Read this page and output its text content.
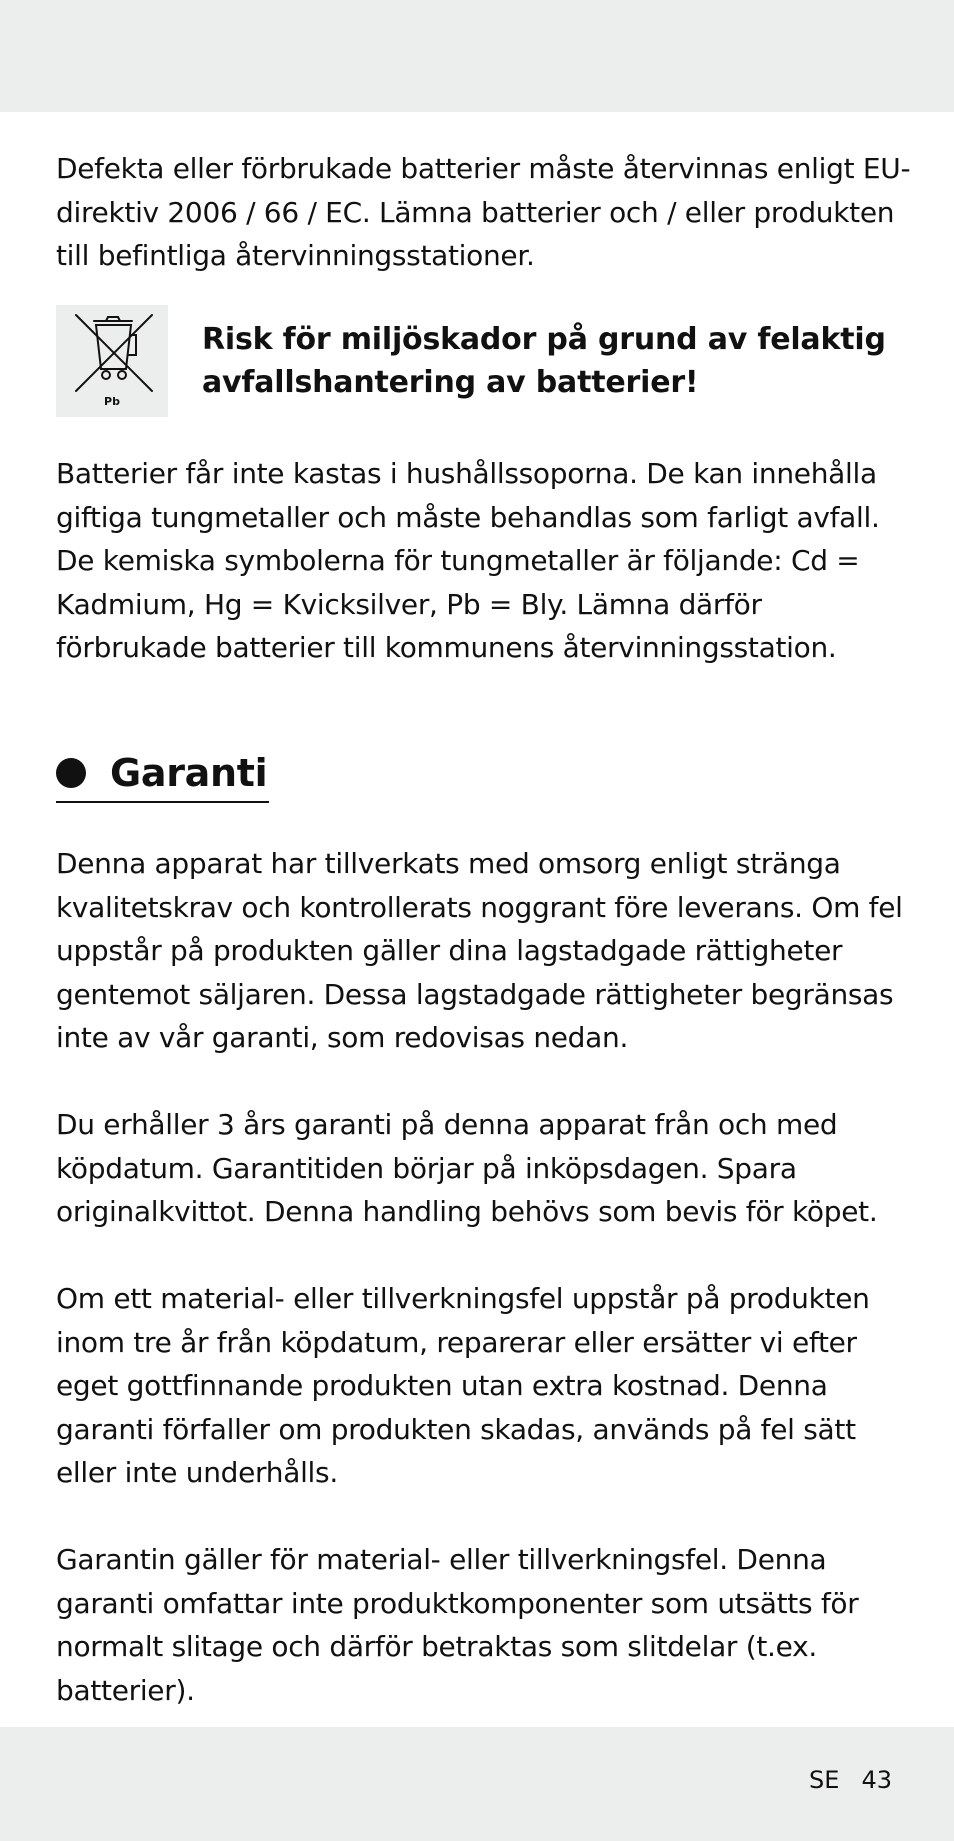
Defekta eller förbrukade batterier måste återvinnas enligt EU-direktiv 2006 / 66 / EC. Lämna batterier och / eller produkten till befintliga återvinningsstationer.

Pb
Risk för miljöskador på grund av felaktig avfallshantering av batterier!

Batterier får inte kastas i hushållssoporna. De kan innehålla giftiga tungmetaller och måste behandlas som farligt avfall. De kemiska symbolerna för tungmetaller är följande: Cd = Kadmium, Hg = Kvicksilver, Pb = Bly. Lämna därför förbrukade batterier till kommunens återvinningsstation.

Garanti

Denna apparat har tillverkats med omsorg enligt stränga kvalitetskrav och kontrollerats noggrant före leverans. Om fel uppstår på produkten gäller dina lagstadgade rättigheter gentemot säljaren. Dessa lagstadgade rättigheter begränsas inte av vår garanti, som redovisas nedan.

Du erhåller 3 års garanti på denna apparat från och med köpdatum. Garantitiden börjar på inköpsdagen. Spara originalkvittot. Denna handling behövs som bevis för köpet.

Om ett material- eller tillverkningsfel uppstår på produkten inom tre år från köpdatum, reparerar eller ersätter vi efter eget gottfinnande produkten utan extra kostnad. Denna garanti förfaller om produkten skadas, används på fel sätt eller inte underhålls.

Garantin gäller för material- eller tillverkningsfel. Denna garanti omfattar inte produktkomponenter som utsätts för normalt slitage och därför betraktas som slitdelar (t.ex. batterier).

SE 43
